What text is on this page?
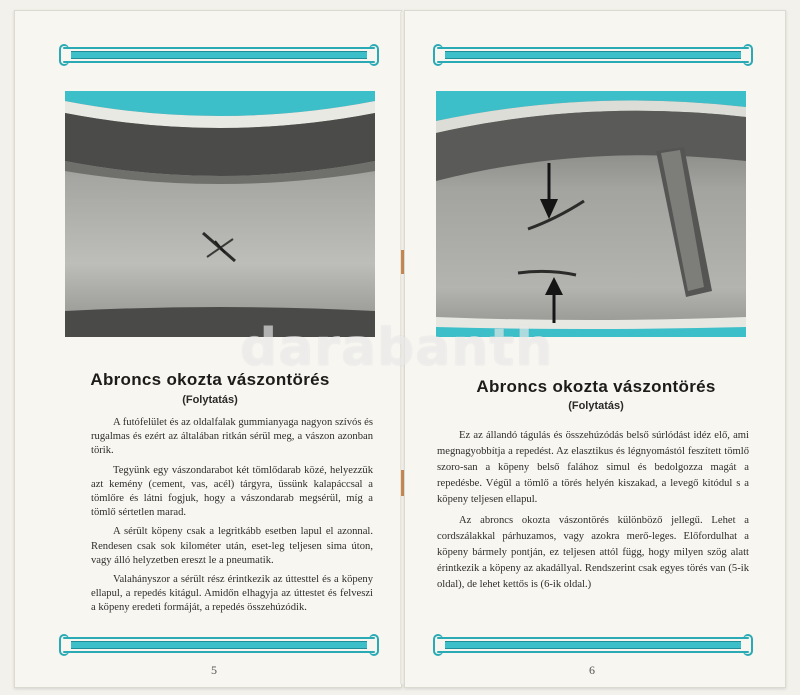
Abroncs okozta vászontörés
(Folytatás)

A futófelület és az oldalfalak gummianyaga nagyon szívós és rugalmas és ezért az általában ritkán sérül meg, a vászon azonban törik.

Tegyünk egy vászondarabot két tömlődarab közé, helyezzük azt kemény (cement, vas, acél) tárgyra, üssünk kalapáccsal a tömlőre és látni fogjuk, hogy a vászondarab megsérül, míg a tömlő sértetlen marad.

A sérült köpeny csak a legritkább esetben lapul el azonnal. Rendesen csak sok kilométer után, eset-leg teljesen sima úton, vagy álló helyzetben ereszt le a pneumatik.

Valahányszor a sérült rész érintkezik az úttesttel és a köpeny ellapul, a repedés kitágul. Amidőn elhagyja az úttestet és felveszi a köpeny eredeti formáját, a repedés összehúzódik.

5
Abroncs okozta vászontörés
(Folytatás)

Ez az állandó tágulás és összehúzódás belső súrlódást idéz elő, ami megnagyobbítja a repedést. Az elasztikus és légnyomástól feszített tömlő szoro-san a köpeny belső falához simul és bedolgozza magát a repedésbe. Végül a tömlő a törés helyén kiszakad, a levegő kitódul s a köpeny teljesen ellapul.

Az abroncs okozta vászontörés különböző jellegű. Lehet a cordszálakkal párhuzamos, vagy azokra merő-leges. Előfordulhat a köpeny bármely pontján, ez teljesen attól függ, hogy milyen szög alatt érintkezik a köpeny az akadállyal. Rendszerint csak egyes törés van (5-ik oldal), de lehet kettős is (6-ik oldal.)

6
darabanth
